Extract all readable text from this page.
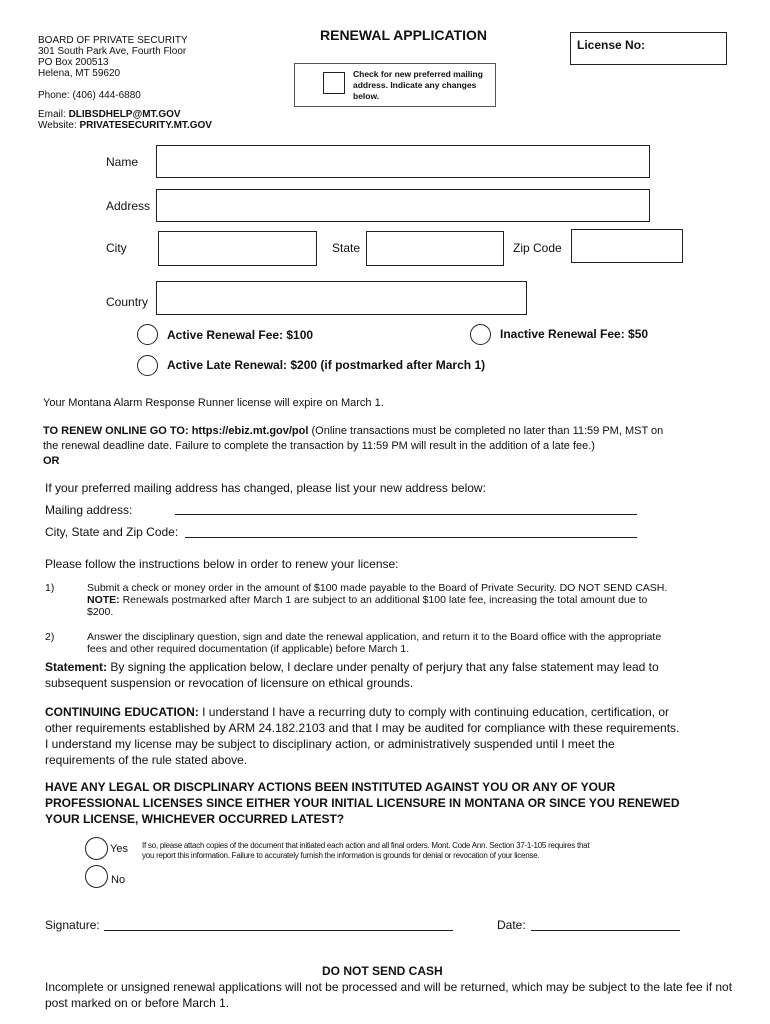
BOARD OF PRIVATE SECURITY
301 South Park Ave, Fourth Floor
PO Box 200513
Helena, MT 59620
Phone: (406) 444-6880
Email: DLIBSDHELP@MT.GOV
Website: PRIVATESECURITY.MT.GOV
RENEWAL APPLICATION
License No:
Check for new preferred mailing address. Indicate any changes below.
Name
Address
City	State	Zip Code
Country
Active Renewal Fee: $100	Inactive Renewal Fee: $50
Active Late Renewal: $200 (if postmarked after March 1)
Your Montana Alarm Response Runner license will expire on March 1.
TO RENEW ONLINE GO TO: https://ebiz.mt.gov/pol (Online transactions must be completed no later than 11:59 PM, MST on
the renewal deadline date. Failure to complete the transaction by 11:59 PM will result in the addition of a late fee.)
OR
If your preferred mailing address has changed, please list your new address below:
Mailing address:
City, State and Zip Code:
Please follow the instructions below in order to renew your license:
1)	Submit a check or money order in the amount of $100 made payable to the Board of Private Security. DO NOT SEND CASH.
NOTE: Renewals postmarked after March 1 are subject to an additional $100 late fee, increasing the total amount due to
$200.
2)	Answer the disciplinary question, sign and date the renewal application, and return it to the Board office with the appropriate
fees and other required documentation (if applicable) before March 1.
Statement: By signing the application below, I declare under penalty of perjury that any false statement may lead to
subsequent suspension or revocation of licensure on ethical grounds.
CONTINUING EDUCATION: I understand I have a recurring duty to comply with continuing education, certification, or
other requirements established by ARM 24.182.2103 and that I may be audited for compliance with these requirements.
I understand my license may be subject to disciplinary action, or administratively suspended until I meet the
requirements of the rule stated above.
HAVE ANY LEGAL OR DISCPLINARY ACTIONS BEEN INSTITUTED AGAINST YOU OR ANY OF YOUR
PROFESSIONAL LICENSES SINCE EITHER YOUR INITIAL LICENSURE IN MONTANA OR SINCE YOU RENEWED
YOUR LICENSE, WHICHEVER OCCURRED LATEST?
Yes If so, please attach copies of the document that initiated each action and all final orders. Mont. Code Ann. Section 37-1-105 requires that
you report this information. Failure to accurately furnish the information is grounds for denial or revocation of your license.
No
Signature:	Date:
DO NOT SEND CASH
Incomplete or unsigned renewal applications will not be processed and will be returned, which may be subject to the late fee if not
post marked on or before March 1.
